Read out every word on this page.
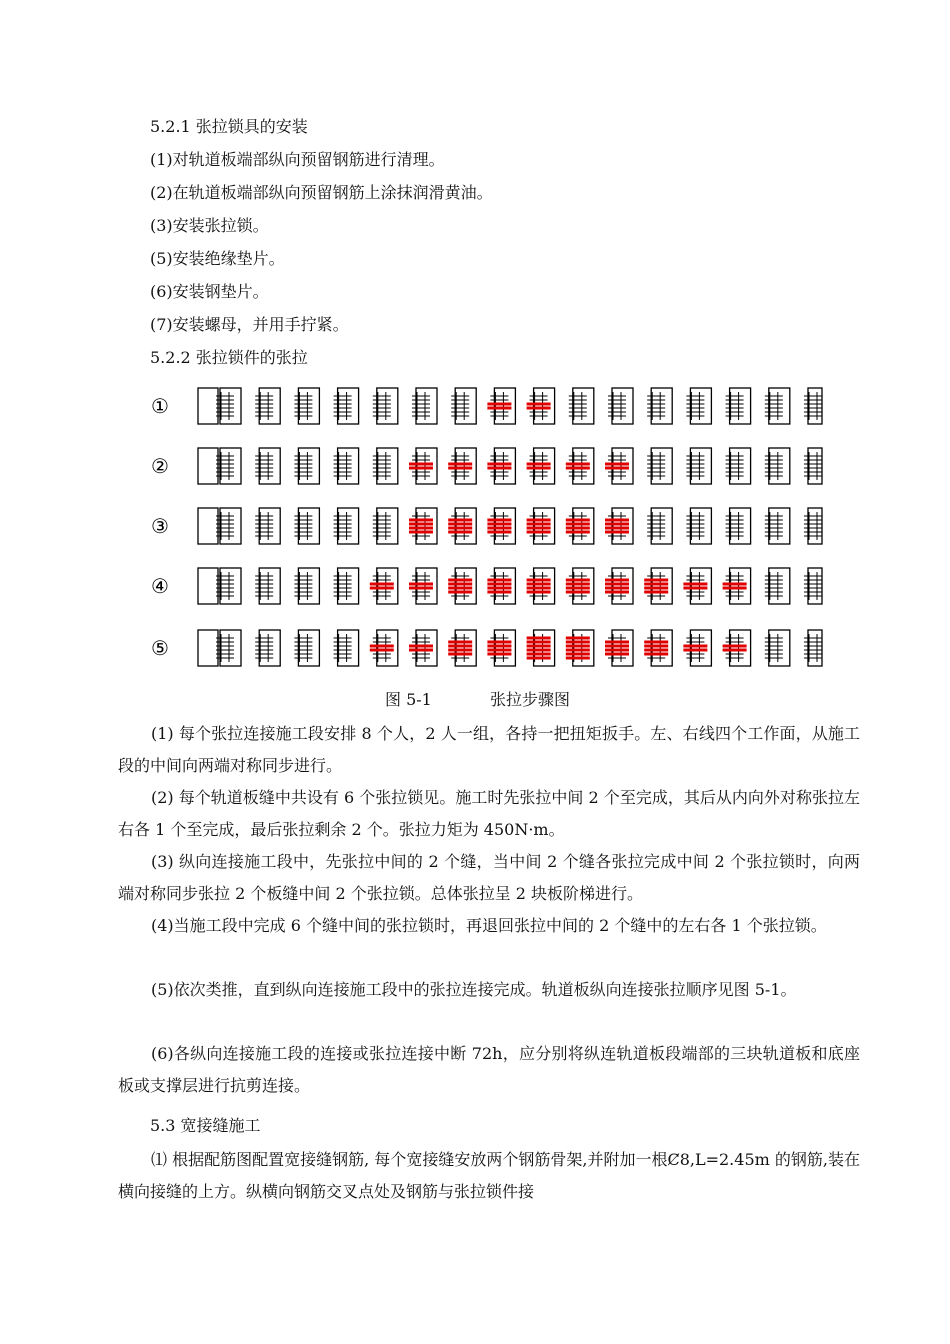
5.2.1 张拉锁具的安装
(1)对轨道板端部纵向预留钢筋进行清理。
(2)在轨道板端部纵向预留钢筋上涂抹润滑黄油。
(3)安装张拉锁。
(5)安装绝缘垫片。
(6)安装钢垫片。
(7)安装螺母，并用手拧紧。
5.2.2 张拉锁件的张拉
①
②
③
④
⑤
图 5-1	张拉步骤图
(1) 每个张拉连接施工段安排 8 个人，2 人一组，各持一把扭矩扳手。左、右线四个工作面，从施工段的中间向两端对称同步进行。
(2) 每个轨道板缝中共设有 6 个张拉锁见。施工时先张拉中间 2 个至完成，其后从内向外对称张拉左右各 1 个至完成，最后张拉剩余 2 个。张拉力矩为 450N·m。
(3) 纵向连接施工段中，先张拉中间的 2 个缝，当中间 2 个缝各张拉完成中间 2 个张拉锁时，向两端对称同步张拉 2 个板缝中间 2 个张拉锁。总体张拉呈 2 块板阶梯进行。
(4)当施工段中完成 6 个缝中间的张拉锁时，再退回张拉中间的 2 个缝中的左右各 1 个张拉锁。
(5)依次类推，直到纵向连接施工段中的张拉连接完成。轨道板纵向连接张拉顺序见图 5-1。
(6)各纵向连接施工段的连接或张拉连接中断 72h，应分别将纵连轨道板段端部的三块轨道板和底座板或支撑层进行抗剪连接。
5.3 宽接缝施工
⑴ 根据配筋图配置宽接缝钢筋, 每个宽接缝安放两个钢筋骨架,并附加一根Ȼ8,L=2.45m 的钢筋,装在横向接缝的上方。纵横向钢筋交叉点处及钢筋与张拉锁件接
